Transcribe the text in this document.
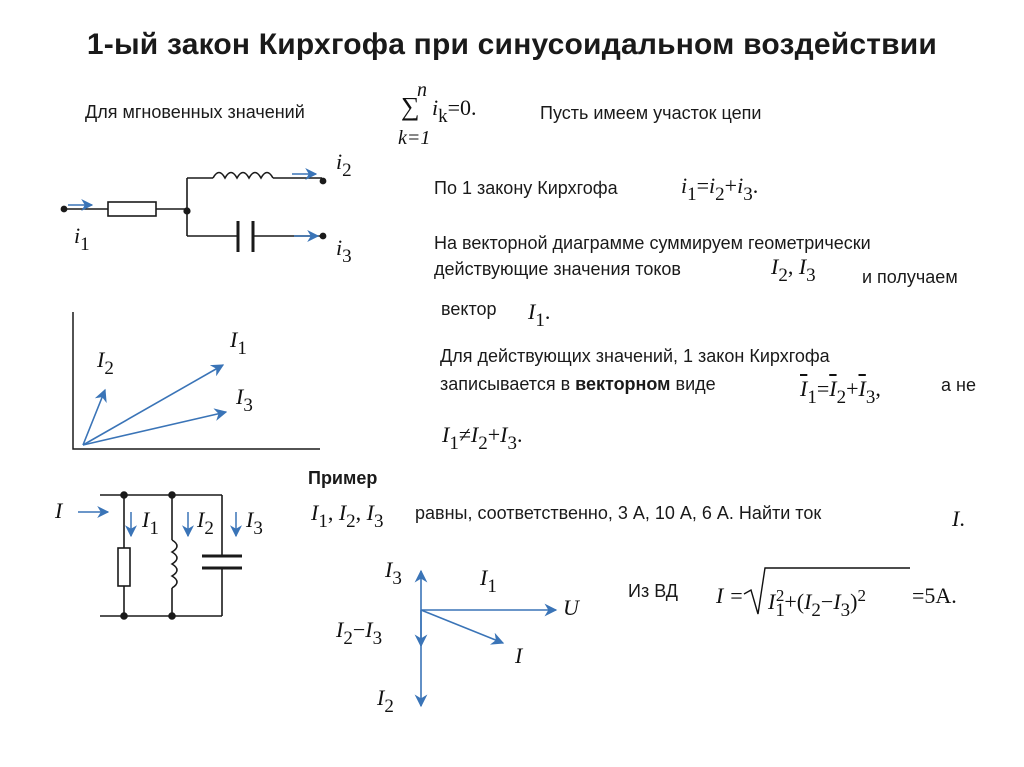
1-ый закон Кирхгофа при синусоидальном воздействии
Для мгновенных значений
n
∑
k=1
$i_k=0$.	Пусть имеем участок цепи
По 1 закону Кирхгофа	$i_1=i_2+i_3$.
На векторной диаграмме суммируем геометрически
действующие значения токов	$I_2$, $I_3$	и получаем
вектор $I_1$.
Для действующих значений, 1 закон Кирхгофа
записывается в векторном виде	$\overline{I}_1=\overline{I}_2+\overline{I}_3$,	а не
$I_1\ne I_2+I_3$.
Пример
$I_1$, $I_2$, $I_3$ равны, соответственно, 3 А, 10 А, 6 А. Найти ток	I.
Из ВД $I = I_1^2+(I_2-I_3)^2 =5A$.
$i_2$
$i_3$
$i_1$
$I_2$
$I_1$
$I_3$
I	$I_1$ $I_2$ $I_3$
$I_3$	$I_1$
U
$I_2-I_3$
I
$I_2$
